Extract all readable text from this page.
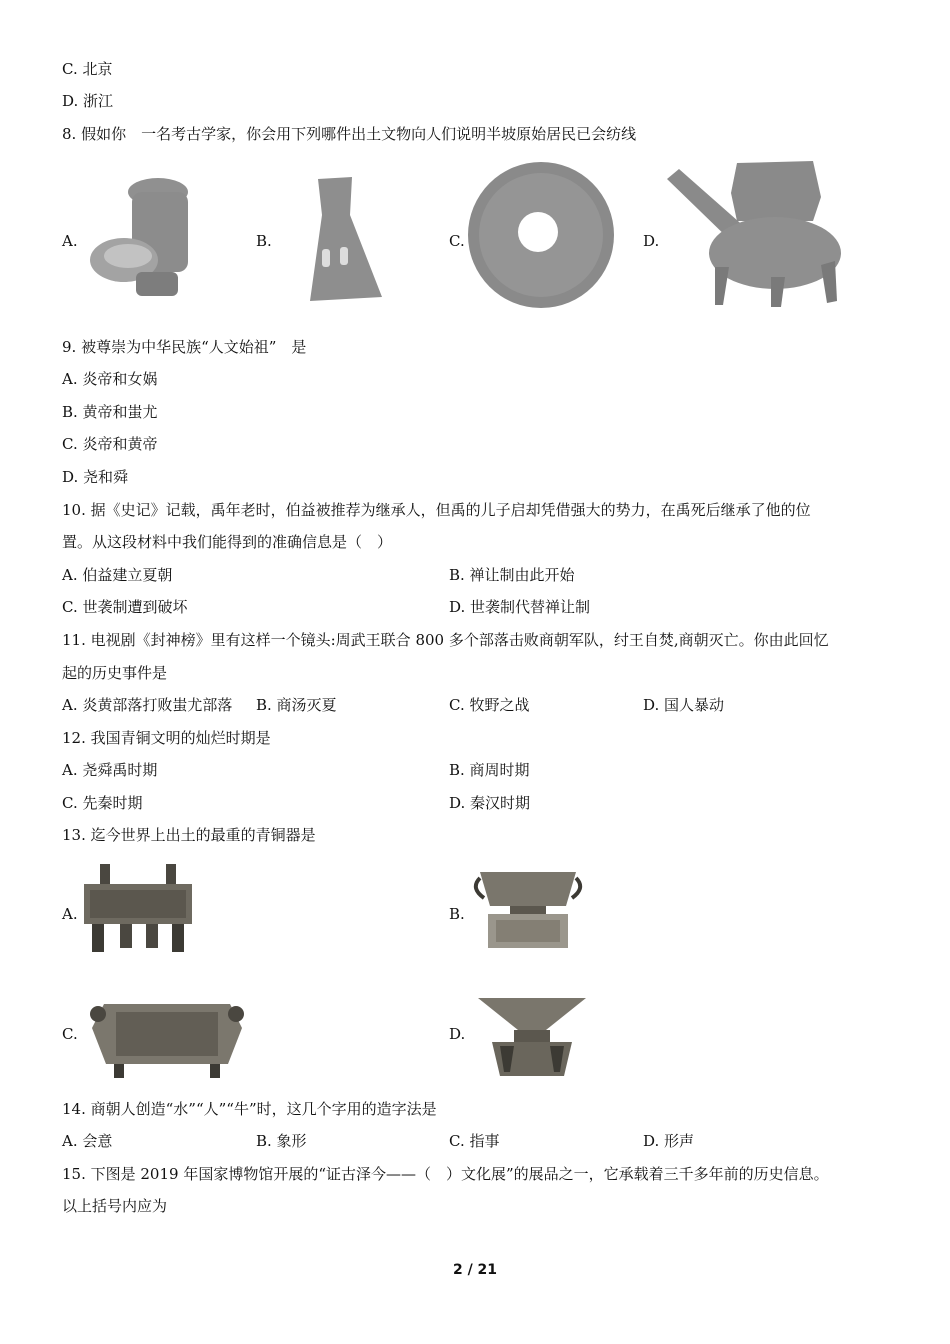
C. 北京
D. 浙江
8. 假如你　一名考古学家，你会用下列哪件出土文物向人们说明半坡原始居民已会纺线
A.	B.	C.	D.
9. 被尊崇为中华民族“人文始祖”　是
A. 炎帝和女娲
B. 黄帝和蚩尤
C. 炎帝和黄帝
D. 尧和舜
10. 据《史记》记载，禹年老时，伯益被推荐为继承人，但禹的儿子启却凭借强大的势力，在禹死后继承了他的位
置。从这段材料中我们能得到的准确信息是（　）
A. 伯益建立夏朝	B. 禅让制由此开始
C. 世袭制遭到破坏	D. 世袭制代替禅让制
11. 电视剧《封神榜》里有这样一个镜头:周武王联合 800 多个部落击败商朝军队，纣王自焚,商朝灭亡。你由此回忆
起的历史事件是
A. 炎黄部落打败蚩尤部落 B. 商汤灭夏	C. 牧野之战	D. 国人暴动
12. 我国青铜文明的灿烂时期是
A. 尧舜禹时期	B. 商周时期
C. 先秦时期	D. 秦汉时期
13. 迄今世界上出土的最重的青铜器是
A.	B.
C.	D.
14. 商朝人创造“水”“人”“牛”时，这几个字用的造字法是
A. 会意	B. 象形	C. 指事	D. 形声
15. 下图是 2019 年国家博物馆开展的“证古泽今——（　）文化展”的展品之一，它承载着三千多年前的历史信息。
以上括号内应为
2 / 21
